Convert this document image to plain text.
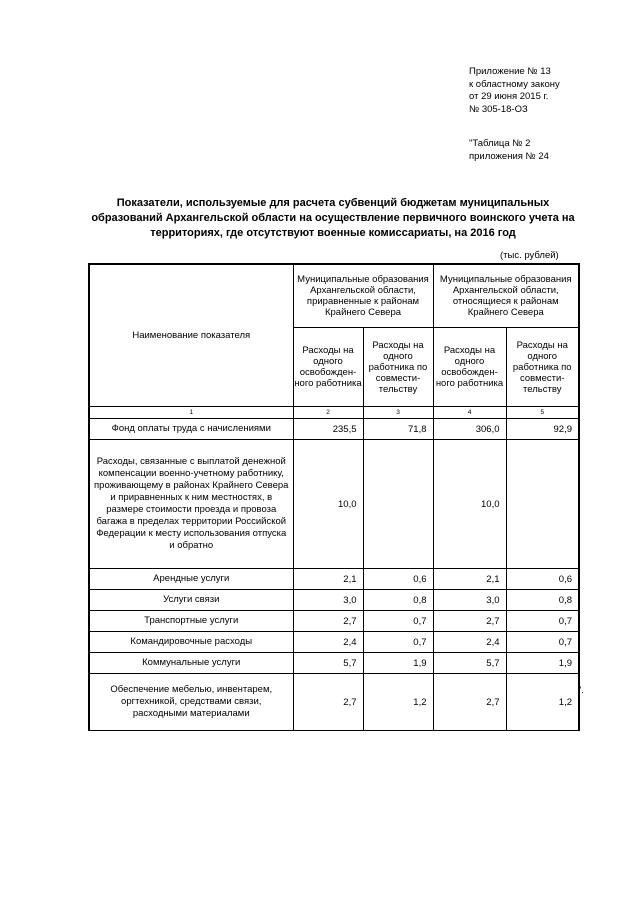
Приложение № 13
к областному закону
от 29 июня 2015 г.
№ 305-18-ОЗ
"Таблица № 2
приложения № 24
Показатели, используемые для расчета субвенций бюджетам муниципальных образований Архангельской области на осуществление первичного воинского учета на территориях, где отсутствуют военные комиссариаты, на 2016 год
(тыс. рублей)
Наименование показателя	Муниципальные образования Архангельской области, приравненные к районам Крайнего Севера		Муниципальные образования Архангельской области, относящиеся к районам Крайнего Севера	
	Расходы на одного освобожден-ного работника	Расходы на одного работника по совмести-тельству	Расходы на одного освобожден-ного работника	Расходы на одного работника по совмести-тельству
1	2	3	4	5
Фонд оплаты труда с начислениями	235,5	71,8	306,0	92,9
Расходы, связанные с выплатой денежной компенсации военно-учетному работнику, проживающему в районах Крайнего Севера и приравненных к ним местностях, в размере стоимости проезда и провоза багажа в пределах территории Российской Федерации к месту использования отпуска и обратно	10,0		10,0	
Арендные услуги	2,1	0,6	2,1	0,6
Услуги связи	3,0	0,8	3,0	0,8
Транспортные услуги	2,7	0,7	2,7	0,7
Командировочные расходы	2,4	0,7	2,4	0,7
Коммунальные услуги	5,7	1,9	5,7	1,9
Обеспечение мебелью, инвентарем, оргтехникой, средствами связи, расходными материалами	2,7	1,2	2,7	1,2
".
